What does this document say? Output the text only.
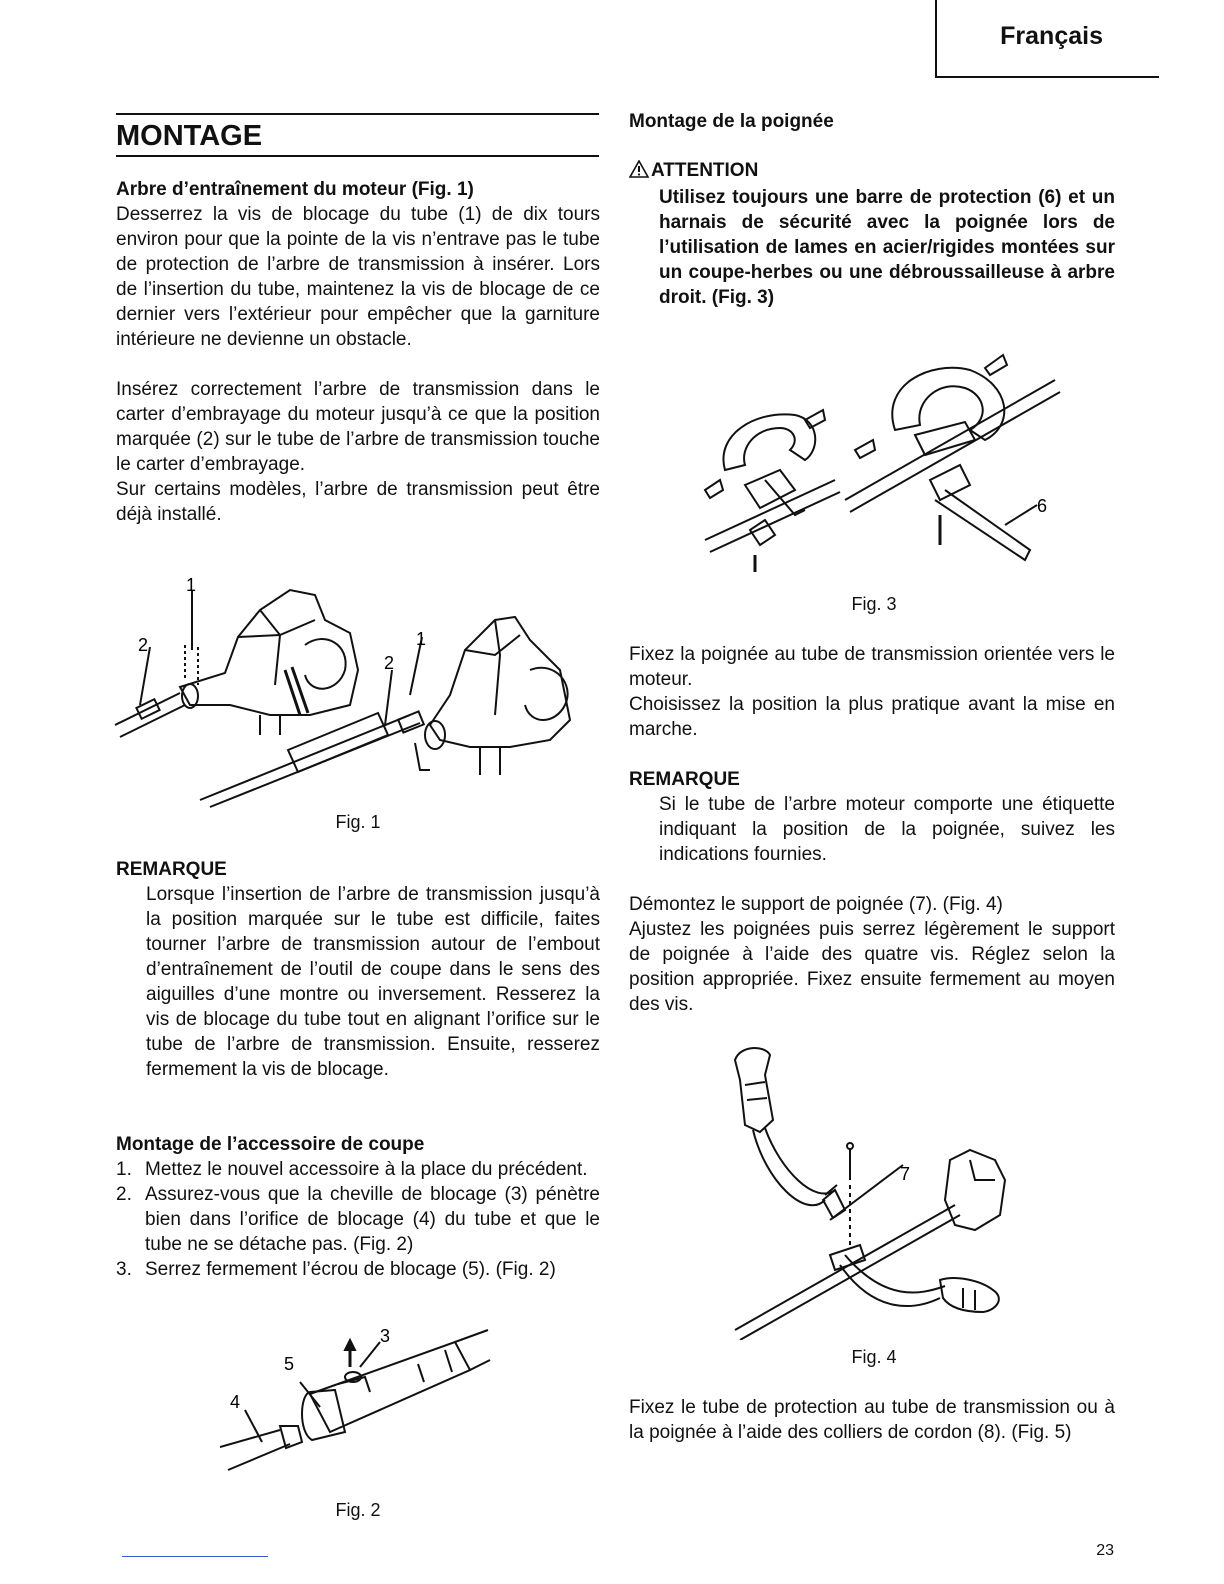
Français
MONTAGE
Arbre d’entraînement du moteur (Fig. 1)

Desserrez la vis de blocage du tube (1) de dix tours environ pour que la pointe de la vis n’entrave pas le tube de protection de l’arbre de transmission à insérer. Lors de l’insertion du tube, maintenez la vis de blocage de ce dernier vers l’extérieur pour empêcher que la garniture intérieure ne devienne un obstacle.

Insérez correctement l’arbre de transmission dans le carter d’embrayage du moteur jusqu’à ce que la position marquée (2) sur le tube de l’arbre de transmission touche le carter d’embrayage.

Sur certains modèles, l’arbre de transmission peut être déjà installé.

1
2	1
2
Fig. 1
REMARQUE

Lorsque l’insertion de l’arbre de transmission jusqu’à la position marquée sur le tube est difficile, faites tourner l’arbre de transmission autour de l’embout d’entraînement de l’outil de coupe dans le sens des aiguilles d’une montre ou inversement. Resserez la vis de blocage du tube tout en alignant l’orifice sur le tube de l’arbre de transmission. Ensuite, resserez fermement la vis de blocage.

Montage de l’accessoire de coupe
1. Mettez le nouvel accessoire à la place du précédent.
2. Assurez-vous que la cheville de blocage (3) pénètre bien dans l’orifice de blocage (4) du tube et que le tube ne se détache pas. (Fig. 2)
3. Serrez fermement l’écrou de blocage (5). (Fig. 2)
3
5
4
Fig. 2
Montage de la poignée
ATTENTION

Utilisez toujours une barre de protection (6) et un harnais de sécurité avec la poignée lors de l’utilisation de lames en acier/rigides montées sur un coupe-herbes ou une débroussailleuse à arbre droit. (Fig. 3)

6
Fig. 3

Fixez la poignée au tube de transmission orientée vers le moteur.

Choisissez la position la plus pratique avant la mise en marche.

REMARQUE

Si le tube de l’arbre moteur comporte une étiquette indiquant la position de la poignée, suivez les indications fournies.

Démontez le support de poignée (7). (Fig. 4)

Ajustez les poignées puis serrez légèrement le support de poignée à l’aide des quatre vis. Réglez selon la position appropriée. Fixez ensuite fermement au moyen des vis.

7
Fig. 4

Fixez le tube de protection au tube de transmission ou à la poignée à l’aide des colliers de cordon (8). (Fig. 5)

23
